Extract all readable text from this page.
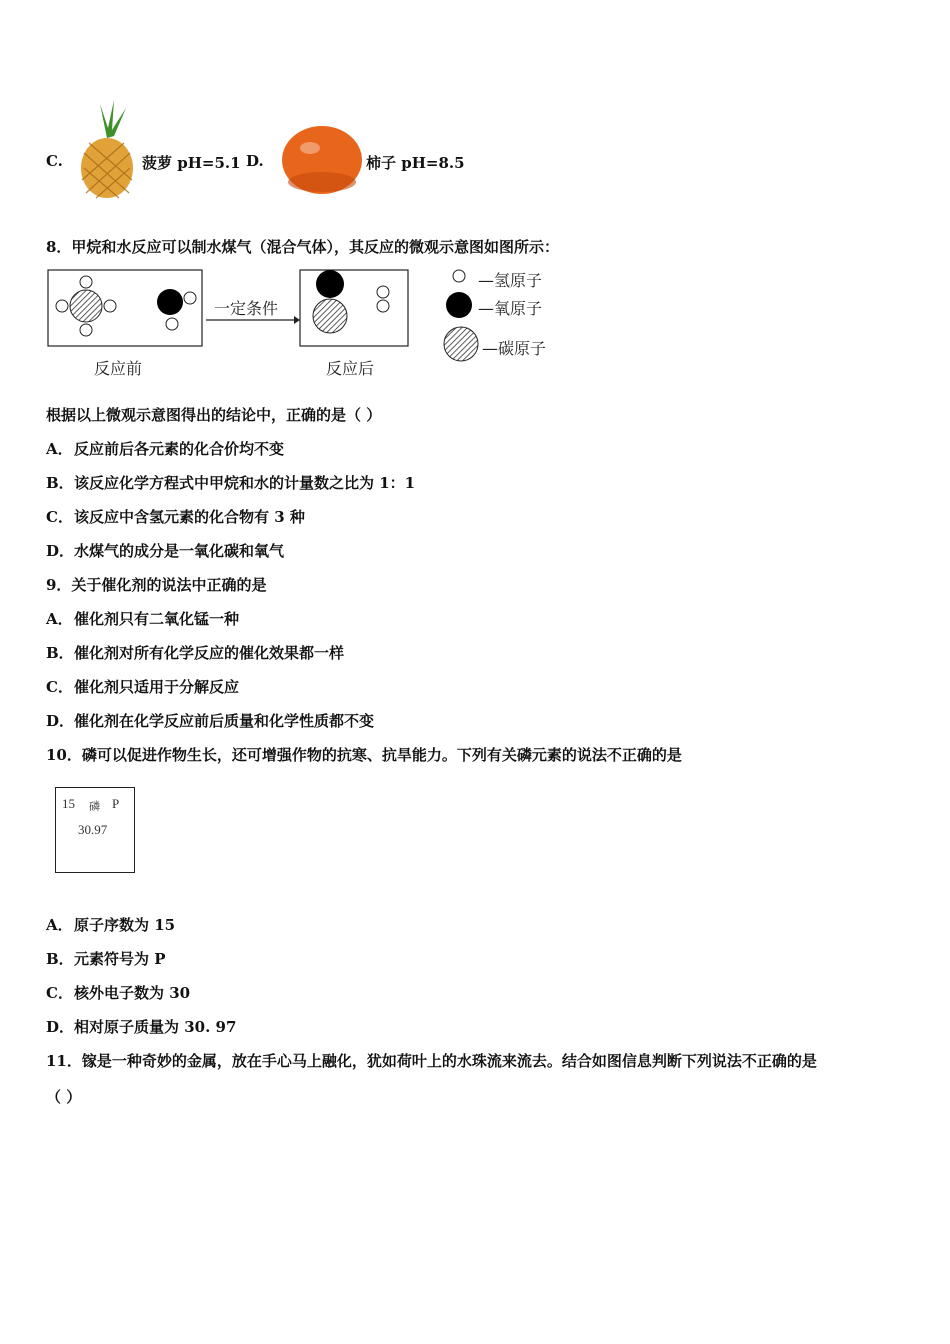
C.	菠萝 pH=5.1 D.	柿子 pH=8.5
8．甲烷和水反应可以制水煤气（混合气体），其反应的微观示意图如图所示：
一定条件
反应前	反应后
—氢原子
—氧原子
—碳原子
根据以上微观示意图得出的结论中，正确的是（ ）
A．反应前后各元素的化合价均不变
B．该反应化学方程式中甲烷和水的计量数之比为 1：1
C．该反应中含氢元素的化合物有 3 种
D．水煤气的成分是一氧化碳和氧气
9．关于催化剂的说法中正确的是
A．催化剂只有二氧化锰一种
B．催化剂对所有化学反应的催化效果都一样
C．催化剂只适用于分解反应
D．催化剂在化学反应前后质量和化学性质都不变
10．磷可以促进作物生长，还可增强作物的抗寒、抗旱能力。下列有关磷元素的说法不正确的是
15 磷 P
30.97
A．原子序数为 15
B．元素符号为 P
C．核外电子数为 30
D．相对原子质量为 30. 97
11．镓是一种奇妙的金属，放在手心马上融化，犹如荷叶上的水珠流来流去。结合如图信息判断下列说法不正确的是
（ ）
